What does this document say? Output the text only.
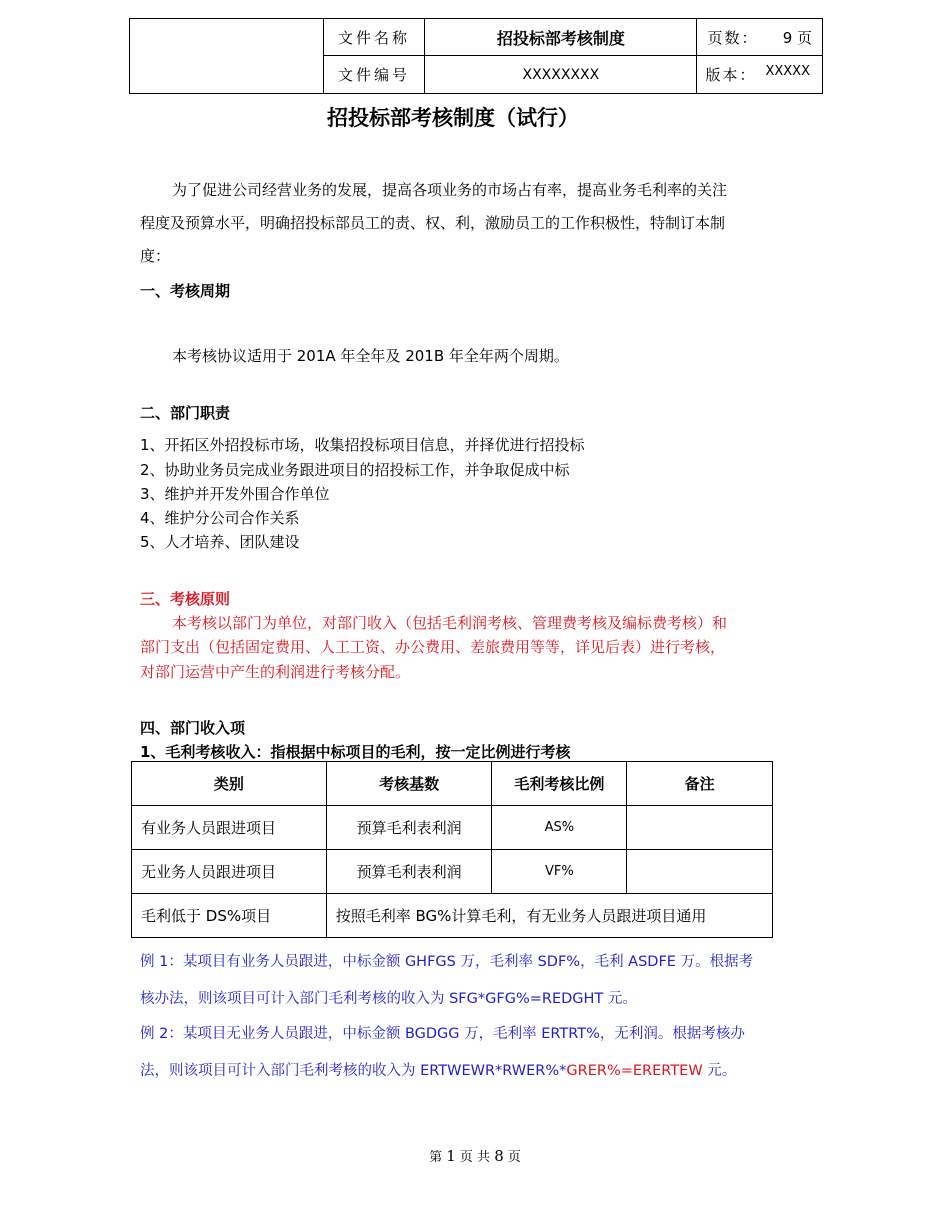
	文件名称	招投标部考核制度	页数： 9 页

	文件编号	XXXXXXXX	版本： XXXXX
招投标部考核制度（试行）
为了促进公司经营业务的发展，提高各项业务的市场占有率，提高业务毛利率的关注
程度及预算水平，明确招投标部员工的责、权、利，激励员工的工作积极性，特制订本制
度：
一、考核周期
本考核协议适用于 201A 年全年及 201B 年全年两个周期。
二、部门职责
1、开拓区外招投标市场，收集招投标项目信息，并择优进行招投标
2、协助业务员完成业务跟进项目的招投标工作，并争取促成中标
3、维护并开发外围合作单位
4、维护分公司合作关系
5、人才培养、团队建设
三、考核原则
本考核以部门为单位，对部门收入（包括毛利润考核、管理费考核及编标费考核）和
部门支出（包括固定费用、人工工资、办公费用、差旅费用等等，详见后表）进行考核，
对部门运营中产生的利润进行考核分配。
四、部门收入项
1、毛利考核收入：指根据中标项目的毛利，按一定比例进行考核
类别	考核基数	毛利考核比例	备注
有业务人员跟进项目	预算毛利表利润	AS%	
无业务人员跟进项目	预算毛利表利润	VF%	
毛利低于 DS%项目	按照毛利率 BG%计算毛利，有无业务人员跟进项目通用		
例 1：某项目有业务人员跟进，中标金额 GHFGS 万，毛利率 SDF%，毛利 ASDFE 万。根据考
核办法，则该项目可计入部门毛利考核的收入为 SFG*GFG%=REDGHT 元。
例 2：某项目无业务人员跟进，中标金额 BGDGG 万，毛利率 ERTRT%，无利润。根据考核办
法，则该项目可计入部门毛利考核的收入为 ERTWEWR*RWER%*GRER%=ERERTEW 元。
第 1 页 共 8 页
